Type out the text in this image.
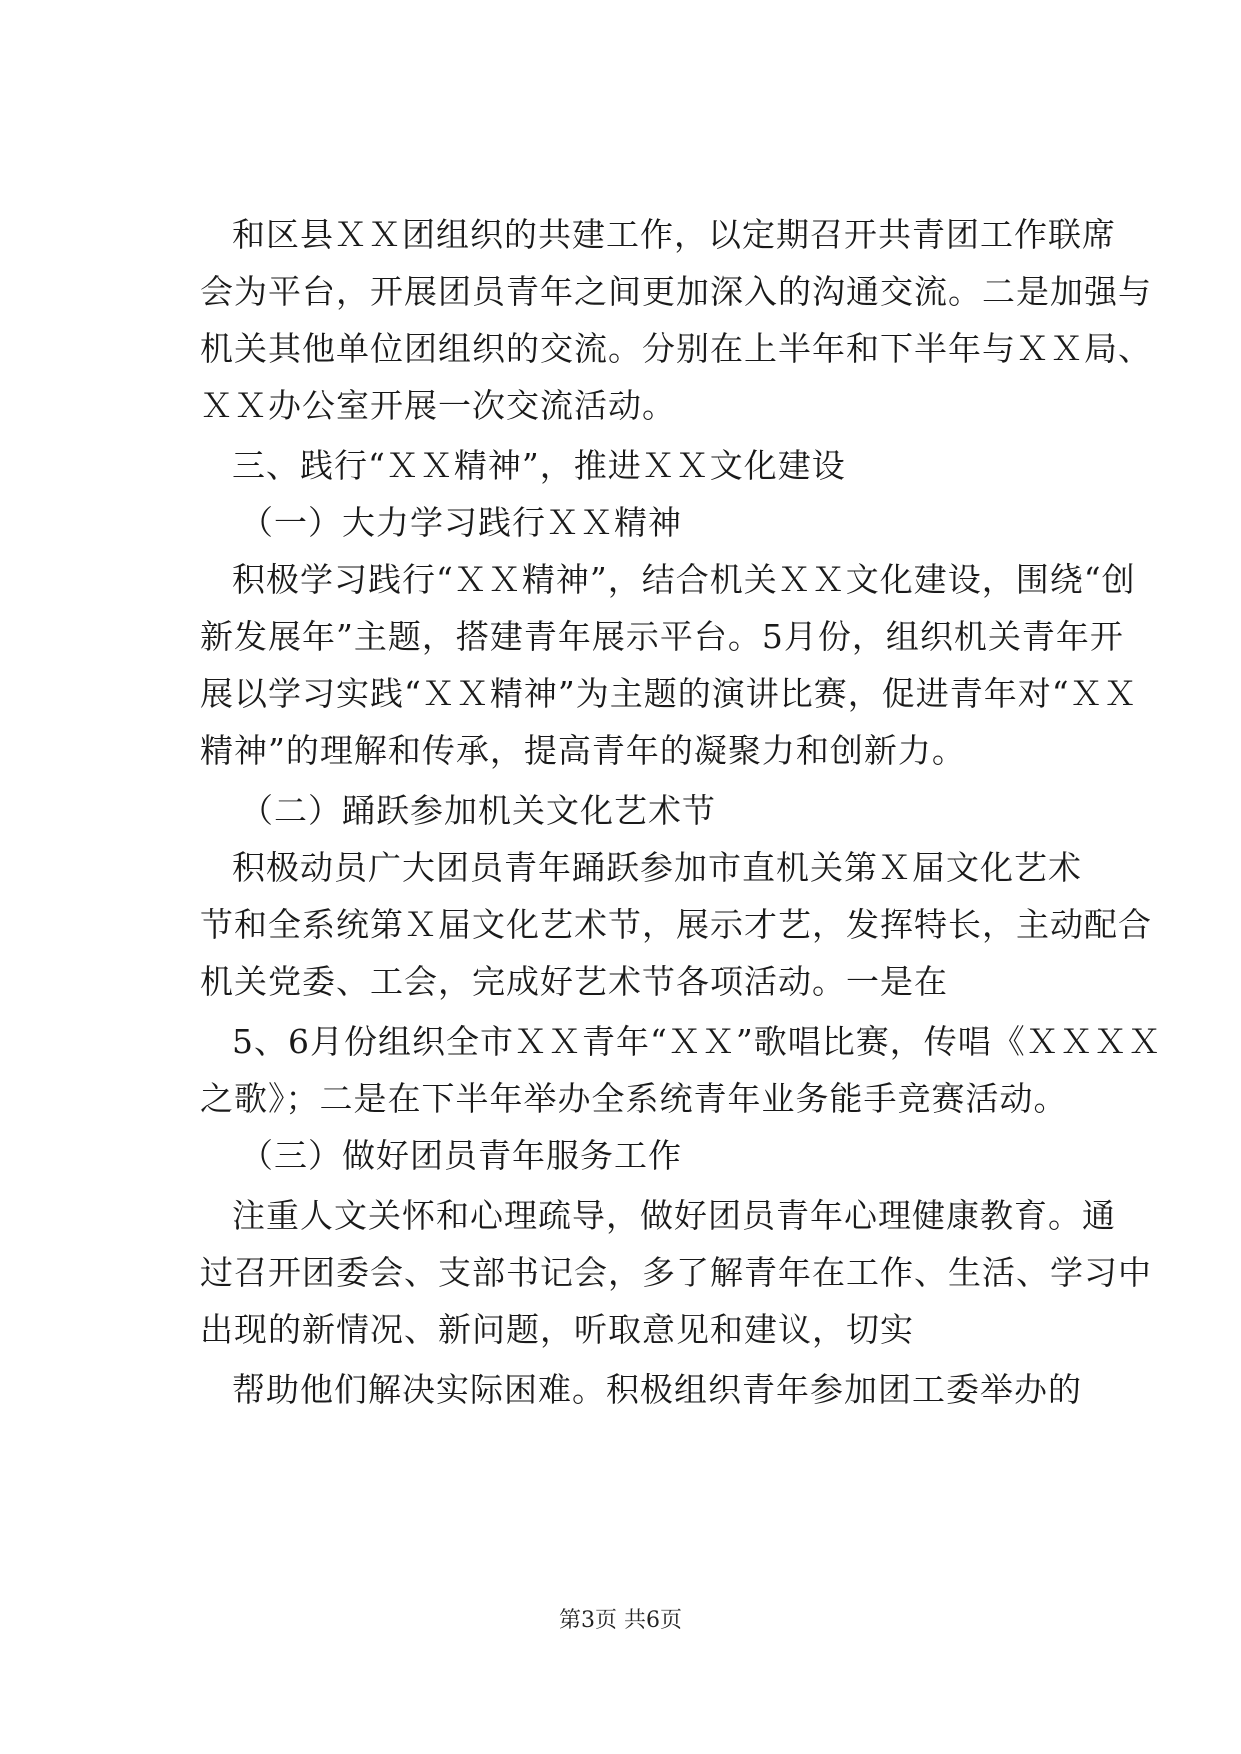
和区县ＸＸ团组织的共建工作，以定期召开共青团工作联席
会为平台，开展团员青年之间更加深入的沟通交流。二是加强与
机关其他单位团组织的交流。分别在上半年和下半年与ＸＸ局、
ＸＸ办公室开展一次交流活动。
三、践行“ＸＸ精神”，推进ＸＸ文化建设
（一）大力学习践行ＸＸ精神
积极学习践行“ＸＸ精神”，结合机关ＸＸ文化建设，围绕“创
新发展年”主题，搭建青年展示平台。5月份，组织机关青年开
展以学习实践“ＸＸ精神”为主题的演讲比赛，促进青年对“ＸＸ
精神”的理解和传承，提高青年的凝聚力和创新力。
（二）踊跃参加机关文化艺术节
积极动员广大团员青年踊跃参加市直机关第Ｘ届文化艺术
节和全系统第Ｘ届文化艺术节，展示才艺，发挥特长，主动配合
机关党委、工会，完成好艺术节各项活动。一是在
5、6月份组织全市ＸＸ青年“ＸＸ”歌唱比赛，传唱《ＸＸＸＸ
之歌》；二是在下半年举办全系统青年业务能手竞赛活动。
（三）做好团员青年服务工作
注重人文关怀和心理疏导，做好团员青年心理健康教育。通
过召开团委会、支部书记会，多了解青年在工作、生活、学习中
出现的新情况、新问题，听取意见和建议，切实
帮助他们解决实际困难。积极组织青年参加团工委举办的
第3页 共6页
